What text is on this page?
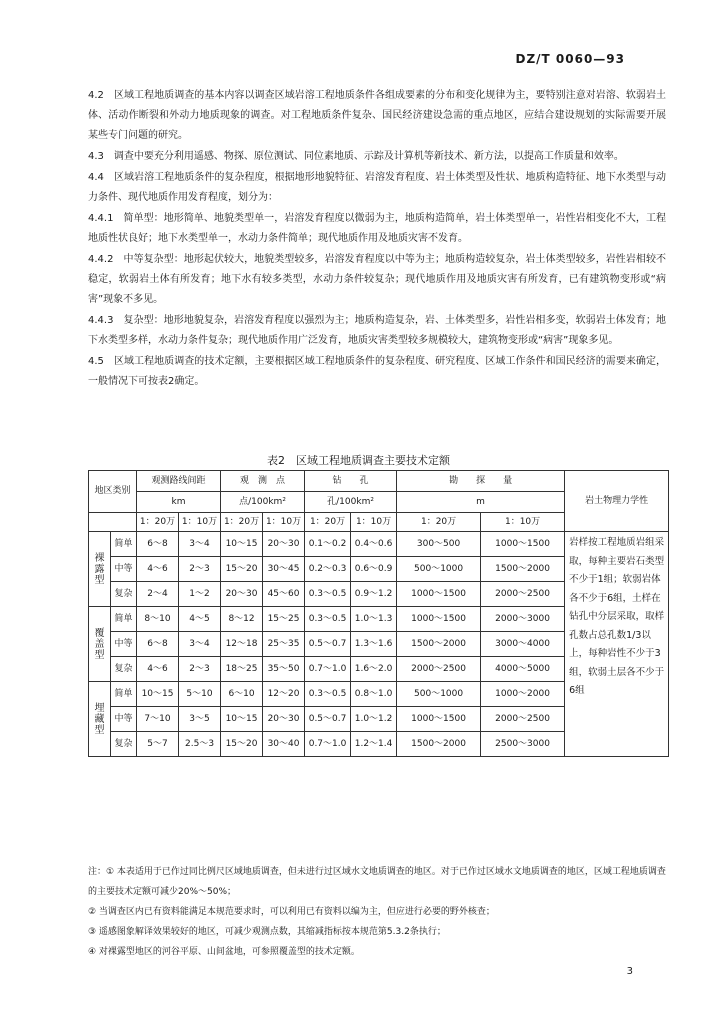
DZ/T 0060—93

4.2　区域工程地质调查的基本内容以调查区域岩溶工程地质条件各组成要素的分布和变化规律为主，要特别注意对岩溶、软弱岩土体、活动作断裂和外动力地质现象的调查。对工程地质条件复杂、国民经济建设急需的重点地区，应结合建设规划的实际需要开展某些专门问题的研究。

4.3　调查中要充分利用遥感、物探、原位测试、同位素地质、示踪及计算机等新技术、新方法，以提高工作质量和效率。

4.4　区域岩溶工程地质条件的复杂程度，根据地形地貌特征、岩溶发育程度、岩土体类型及性状、地质构造特征、地下水类型与动力条件、现代地质作用发育程度，划分为：

4.4.1　简单型：地形简单、地貌类型单一，岩溶发育程度以微弱为主，地质构造简单，岩土体类型单一，岩性岩相变化不大，工程地质性状良好；地下水类型单一，水动力条件简单；现代地质作用及地质灾害不发育。

4.4.2　中等复杂型：地形起伏较大，地貌类型较多，岩溶发育程度以中等为主；地质构造较复杂，岩土体类型较多，岩性岩相较不稳定，软弱岩土体有所发育；地下水有较多类型，水动力条件较复杂；现代地质作用及地质灾害有所发育，已有建筑物变形或“病害”现象不多见。

4.4.3　复杂型：地形地貌复杂，岩溶发育程度以强烈为主；地质构造复杂，岩、土体类型多，岩性岩相多变，软弱岩土体发育；地下水类型多样，水动力条件复杂；现代地质作用广泛发育，地质灾害类型较多规模较大，建筑物变形或“病害”现象多见。

4.5　区域工程地质调查的技术定额，主要根据区域工程地质条件的复杂程度、研究程度、区域工作条件和国民经济的需要来确定，一般情况下可按表2确定。

表2　区域工程地质调查主要技术定额
地区类别		观测路线间距		观　测　点		钻　　孔		勘　　探　　量		岩土物理力学性
		km		点/100km²		孔/100km²		m		
		1：20万	1：10万	1：20万	1：10万	1：20万	1：10万	1：20万	1：10万	
裸露型	简单	6～8	3～4	10～15	20～30	0.1～0.2	0.4～0.6	300～500	1000～1500	岩样按工程地质岩组采取，每种主要岩石类型不少于1组；软弱岩体各不少于6组，土样在钻孔中分层采取，取样孔数占总孔数1/3以上，每种岩性不少于3组，软弱土层各不少于6组
	中等	4～6	2～3	15～20	30～45	0.2～0.3	0.6～0.9	500～1000	1500～2000	
	复杂	2～4	1～2	20～30	45～60	0.3～0.5	0.9～1.2	1000～1500	2000～2500	
覆盖型	简单	8～10	4～5	8～12	15～25	0.3～0.5	1.0～1.3	1000～1500	2000～3000	
	中等	6～8	3～4	12～18	25～35	0.5～0.7	1.3～1.6	1500～2000	3000～4000	
	复杂	4～6	2～3	18～25	35～50	0.7～1.0	1.6～2.0	2000～2500	4000～5000	
埋藏型	简单	10～15	5～10	6～10	12～20	0.3～0.5	0.8～1.0	500～1000	1000～2000	
	中等	7～10	3～5	10～15	20～30	0.5～0.7	1.0～1.2	1000～1500	2000～2500	
	复杂	5～7	2.5～3	15～20	30～40	0.7～1.0	1.2～1.4	1500～2000	2500～3000	

注：① 本表适用于已作过同比例尺区域地质调查，但未进行过区域水文地质调查的地区。对于已作过区域水文地质调查的地区，区域工程地质调查的主要技术定额可减少20%～50%；

② 当调查区内已有资料能满足本规范要求时，可以利用已有资料以编为主，但应进行必要的野外核查；

③ 遥感图象解译效果较好的地区，可减少观测点数，其缩减指标按本规范第5.3.2条执行；

④ 对裸露型地区的河谷平原、山间盆地，可参照覆盖型的技术定额。

3
